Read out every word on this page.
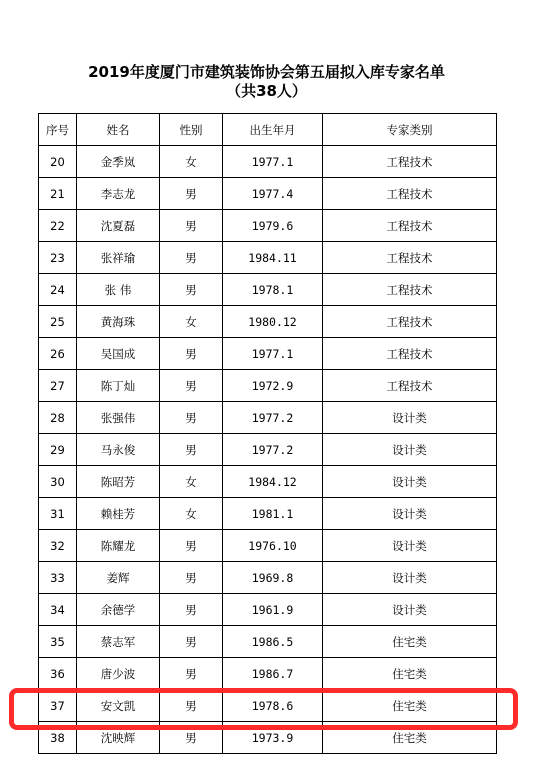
2019年度厦门市建筑装饰协会第五届拟入库专家名单
（共38人）
序号	姓名	性别	出生年月	专家类别
20	金季岚	女	1977.1	工程技术
21	李志龙	男	1977.4	工程技术
22	沈夏磊	男	1979.6	工程技术
23	张祥瑜	男	1984.11	工程技术
24	张 伟	男	1978.1	工程技术
25	黄海珠	女	1980.12	工程技术
26	吴国成	男	1977.1	工程技术
27	陈丁灿	男	1972.9	工程技术
28	张强伟	男	1977.2	设计类
29	马永俊	男	1977.2	设计类
30	陈昭芳	女	1984.12	设计类
31	赖桂芳	女	1981.1	设计类
32	陈耀龙	男	1976.10	设计类
33	姜辉	男	1969.8	设计类
34	余德学	男	1961.9	设计类
35	蔡志军	男	1986.5	住宅类
36	唐少波	男	1986.7	住宅类
37	安文凯	男	1978.6	住宅类
38	沈映辉	男	1973.9	住宅类
